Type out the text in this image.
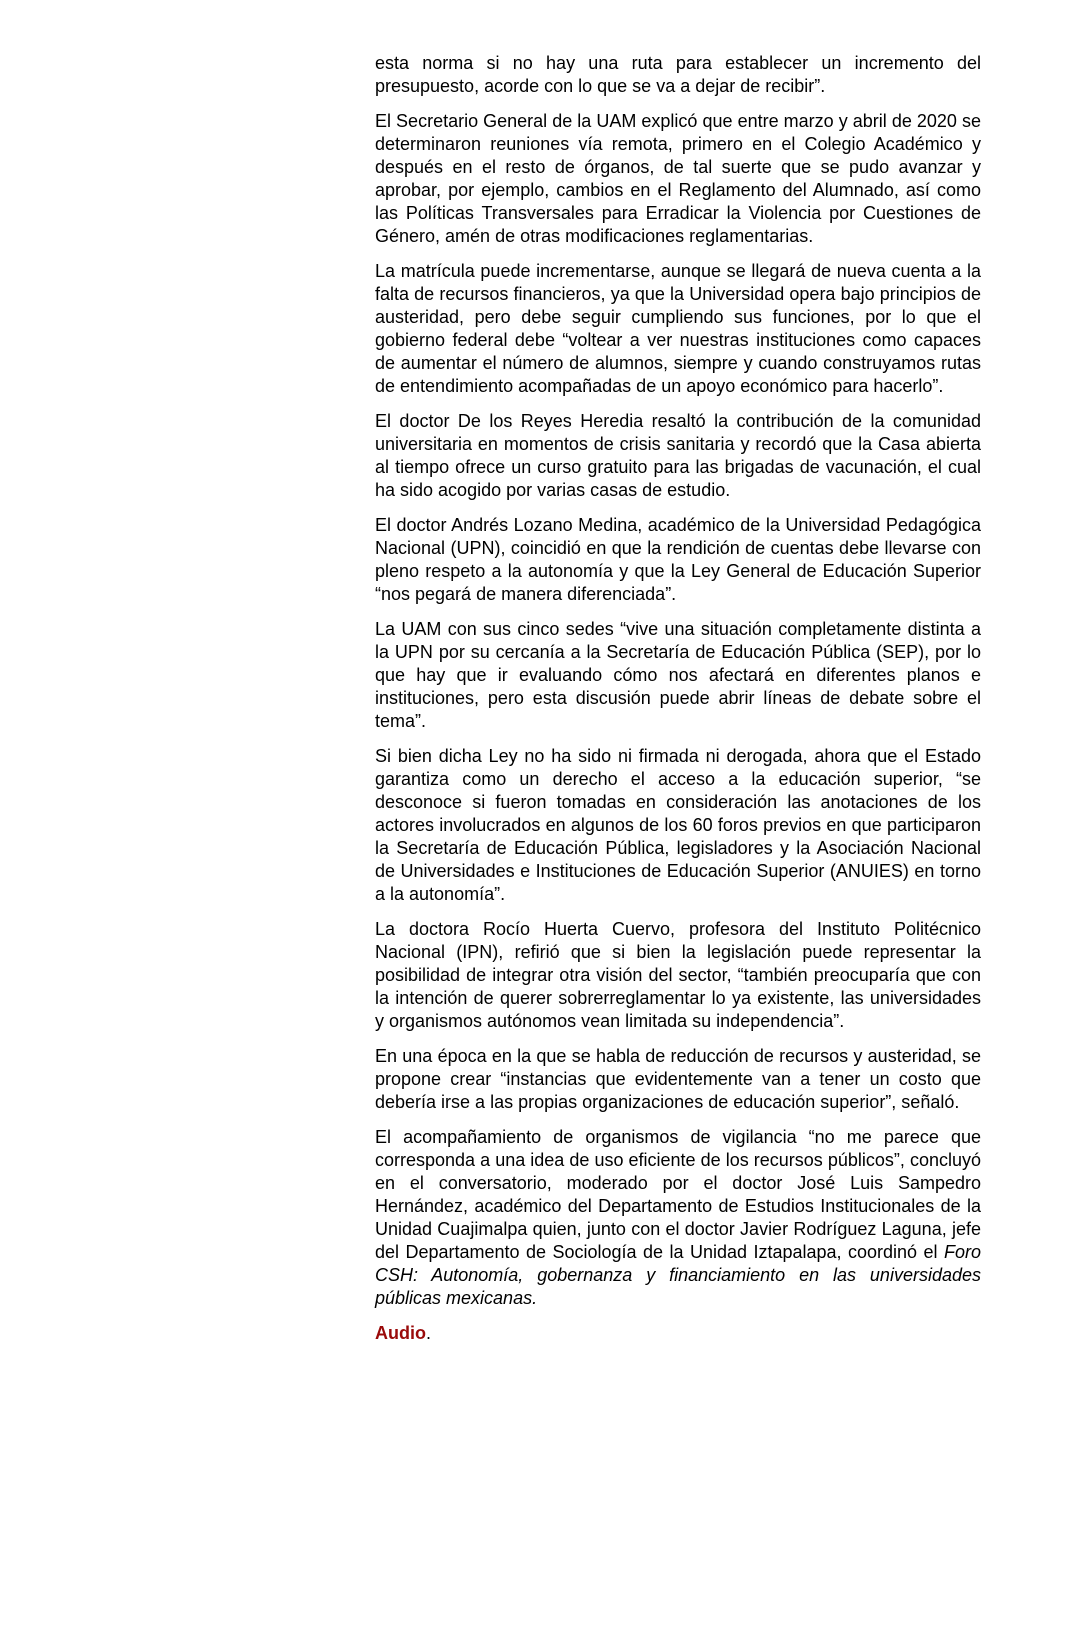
esta norma si no hay una ruta para establecer un incremento del presupuesto, acorde con lo que se va a dejar de recibir”.

El Secretario General de la UAM explicó que entre marzo y abril de 2020 se determinaron reuniones vía remota, primero en el Colegio Académico y después en el resto de órganos, de tal suerte que se pudo avanzar y aprobar, por ejemplo, cambios en el Reglamento del Alumnado, así como las Políticas Transversales para Erradicar la Violencia por Cuestiones de Género, amén de otras modificaciones reglamentarias.

La matrícula puede incrementarse, aunque se llegará de nueva cuenta a la falta de recursos financieros, ya que la Universidad opera bajo principios de austeridad, pero debe seguir cumpliendo sus funciones, por lo que el gobierno federal debe “voltear a ver nuestras instituciones como capaces de aumentar el número de alumnos, siempre y cuando construyamos rutas de entendimiento acompañadas de un apoyo económico para hacerlo”.

El doctor De los Reyes Heredia resaltó la contribución de la comunidad universitaria en momentos de crisis sanitaria y recordó que la Casa abierta al tiempo ofrece un curso gratuito para las brigadas de vacunación, el cual ha sido acogido por varias casas de estudio.

El doctor Andrés Lozano Medina, académico de la Universidad Pedagógica Nacional (UPN), coincidió en que la rendición de cuentas debe llevarse con pleno respeto a la autonomía y que la Ley General de Educación Superior “nos pegará de manera diferenciada”.

La UAM con sus cinco sedes “vive una situación completamente distinta a la UPN por su cercanía a la Secretaría de Educación Pública (SEP), por lo que hay que ir evaluando cómo nos afectará en diferentes planos e instituciones, pero esta discusión puede abrir líneas de debate sobre el tema”.

Si bien dicha Ley no ha sido ni firmada ni derogada, ahora que el Estado garantiza como un derecho el acceso a la educación superior, “se desconoce si fueron tomadas en consideración las anotaciones de los actores involucrados en algunos de los 60 foros previos en que participaron la Secretaría de Educación Pública, legisladores y la Asociación Nacional de Universidades e Instituciones de Educación Superior (ANUIES) en torno a la autonomía”.

La doctora Rocío Huerta Cuervo, profesora del Instituto Politécnico Nacional (IPN), refirió que si bien la legislación puede representar la posibilidad de integrar otra visión del sector, “también preocuparía que con la intención de querer sobrerreglamentar lo ya existente, las universidades y organismos autónomos vean limitada su independencia”.

En una época en la que se habla de reducción de recursos y austeridad, se propone crear “instancias que evidentemente van a tener un costo que debería irse a las propias organizaciones de educación superior”, señaló.

El acompañamiento de organismos de vigilancia “no me parece que corresponda a una idea de uso eficiente de los recursos públicos”, concluyó en el conversatorio, moderado por el doctor José Luis Sampedro Hernández, académico del Departamento de Estudios Institucionales de la Unidad Cuajimalpa quien, junto con el doctor Javier Rodríguez Laguna, jefe del Departamento de Sociología de la Unidad Iztapalapa, coordinó el Foro CSH: Autonomía, gobernanza y financiamiento en las universidades públicas mexicanas.

Audio.
